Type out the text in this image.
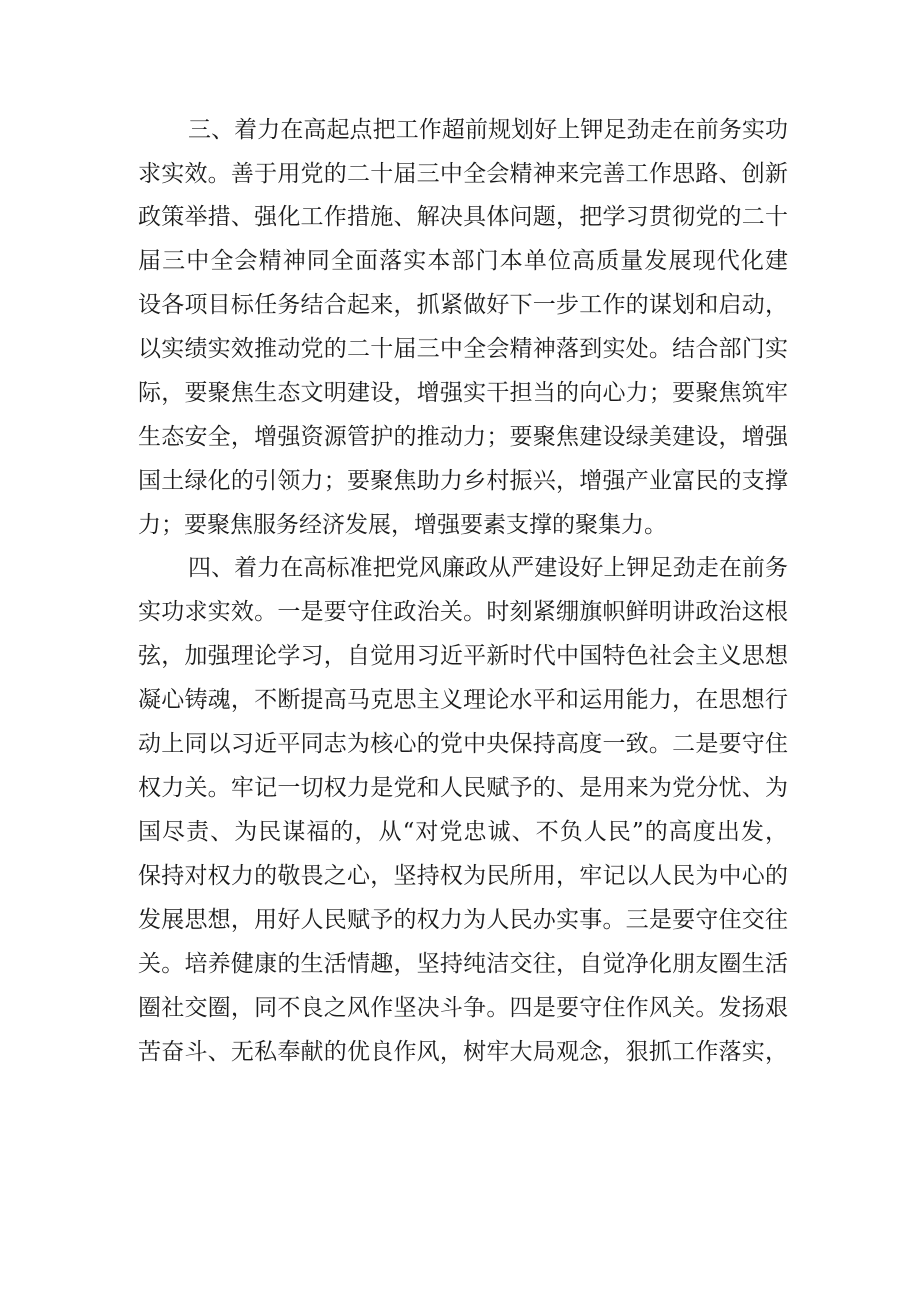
三、着力在高起点把工作超前规划好上钾足劲走在前务实功
求实效。善于用党的二十届三中全会精神来完善工作思路、创新
政策举措、强化工作措施、解决具体问题，把学习贯彻党的二十
届三中全会精神同全面落实本部门本单位高质量发展现代化建
设各项目标任务结合起来，抓紧做好下一步工作的谋划和启动，
以实绩实效推动党的二十届三中全会精神落到实处。结合部门实
际，要聚焦生态文明建设，增强实干担当的向心力；要聚焦筑牢
生态安全，增强资源管护的推动力；要聚焦建设绿美建设，增强
国土绿化的引领力；要聚焦助力乡村振兴，增强产业富民的支撑
力；要聚焦服务经济发展，增强要素支撑的聚集力。
四、着力在高标准把党风廉政从严建设好上钾足劲走在前务
实功求实效。一是要守住政治关。时刻紧绷旗帜鲜明讲政治这根
弦，加强理论学习，自觉用习近平新时代中国特色社会主义思想
凝心铸魂，不断提高马克思主义理论水平和运用能力，在思想行
动上同以习近平同志为核心的党中央保持高度一致。二是要守住
权力关。牢记一切权力是党和人民赋予的、是用来为党分忧、为
国尽责、为民谋福的，从“对党忠诚、不负人民”的高度出发，
保持对权力的敬畏之心，坚持权为民所用，牢记以人民为中心的
发展思想，用好人民赋予的权力为人民办实事。三是要守住交往
关。培养健康的生活情趣，坚持纯洁交往，自觉净化朋友圈生活
圈社交圈，同不良之风作坚决斗争。四是要守住作风关。发扬艰
苦奋斗、无私奉献的优良作风，树牢大局观念，狠抓工作落实，
